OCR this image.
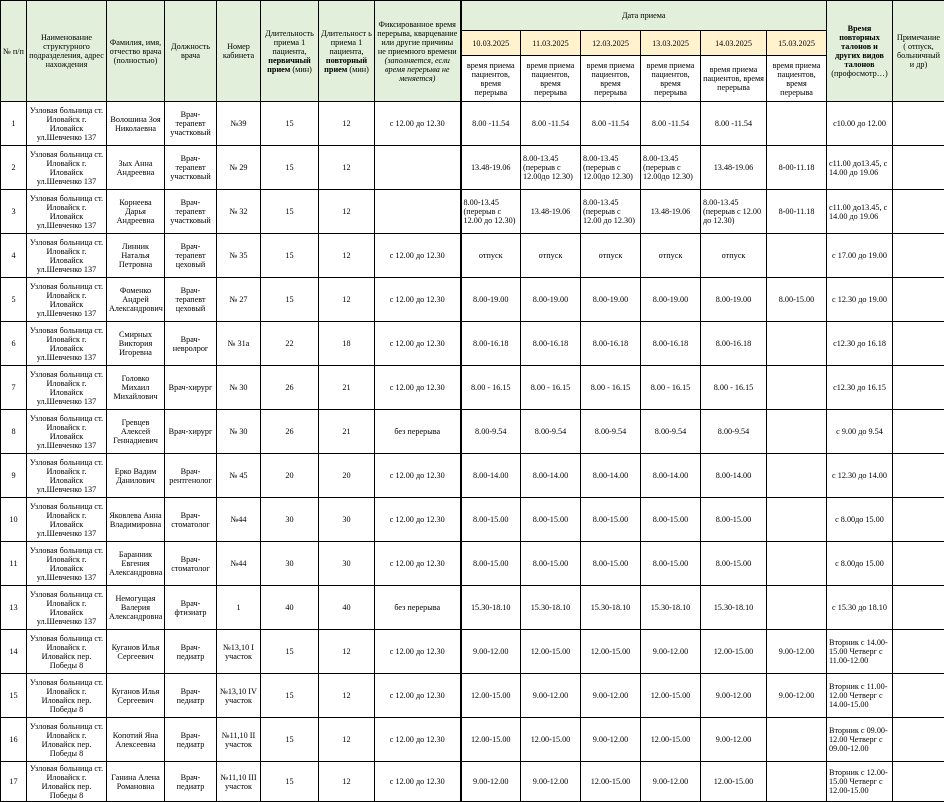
№ п/п	Наименование структурного подразделения, адрес нахождения	Фамилия, имя, отчество врача (полностью)	Должность врача	Номер кабинета	Длительность приема 1 пациента, первичный прием (мин)	Длительност ь приема 1 пациента, повторный прием (мин)	Фиксированное время перерыва, кварцевание или другие причины не приемного времени (заполняется, если время перерыва не меняется)	Дата приема						Время повторных талонов и других видов талонов (профосмотр…)	Примечание ( отпуск, больничный и др)
								10.03.2025	11.03.2025	12.03.2025	13.03.2025	14.03.2025	15.03.2025		
								время приема пациентов, время перерыва	время приема пациентов, время перерыва	время приема пациентов, время перерыва	время приема пациентов, время перерыва	время приема пациентов, время перерыва	время приема пациентов, время перерыва		
1	Узловая больница ст. Иловайск г. Иловайск ул.Шевченко 137	Волошина Зоя Николаевна	Врач-терапевт участковый	№39	15	12	с 12.00 до 12.30	8.00 -11.54	8.00 -11.54	8.00 -11.54	8.00 -11.54	8.00 -11.54		с10.00 до 12.00	
2	Узловая больница ст. Иловайск г. Иловайск ул.Шевченко 137	Зых Анна Андреевна	Врач-терапевт участковый	№ 29	15	12		13.48-19.06	8.00-13.45 (перерыв с 12.00до 12.30)	8.00-13.45 (перерыв с 12.00до 12.30)	8.00-13.45 (перерыв с 12.00до 12.30)	13.48-19.06	8-00-11.18	с11.00 до13.45, с 14.00 до 19.06	
3	Узловая больница ст. Иловайск г. Иловайск ул.Шевченко 137	Корнеева Дарья Андреевна	Врач-терапевт участковый	№ 32	15	12		8.00-13.45 (перерыв с 12.00 до 12.30)	13.48-19.06	8.00-13.45 (перерыв с 12.00 до 12.30)	13.48-19.06	8.00-13.45 (перерыв с 12.00 до 12.30)	8-00-11.18	с11.00 до13.45, с 14.00 до 19.06	
4	Узловая больница ст. Иловайск г. Иловайск ул.Шевченко 137	Линник Наталья Петровна	Врач-терапевт цеховый	№ 35	15	12	с 12.00 до 12.30	отпуск	отпуск	отпуск	отпуск	отпуск		с 17.00 до 19.00	
5	Узловая больница ст. Иловайск г. Иловайск ул.Шевченко 137	Фоменко Андрей Александрович	Врач-терапевт цеховый	№ 27	15	12	с 12.00 до 12.30	8.00-19.00	8.00-19.00	8.00-19.00	8.00-19.00	8.00-19.00	8.00-15.00	с 12.30 до 19.00	
6	Узловая больница ст. Иловайск г. Иловайск ул.Шевченко 137	Смирных Виктория Игоревна	Врач-невролрог	№ 31а	22	18	с 12.00 до 12.30	8.00-16.18	8.00-16.18	8.00-16.18	8.00-16.18	8.00-16.18		с12.30 до 16.18	
7	Узловая больница ст. Иловайск г. Иловайск ул.Шевченко 137	Головко Михаил Михайлович	Врач-хирург	№ 30	26	21	с 12.00 до 12.30	8.00 - 16.15	8.00 - 16.15	8.00 - 16.15	8.00 - 16.15	8.00 - 16.15		с12.30 до 16.15	
8	Узловая больница ст. Иловайск г. Иловайск ул.Шевченко 137	Гревцев Алексей Геннадиевич	Врач-хирург	№ 30	26	21	без перерыва	8.00-9.54	8.00-9.54	8.00-9.54	8.00-9.54	8.00-9.54		с 9.00 до 9.54	
9	Узловая больница ст. Иловайск г. Иловайск ул.Шевченко 137	Ерко Вадим Данилович	Врач-рентгенолог	№ 45	20	20	с 12.00 до 12.30	8.00-14.00	8.00-14.00	8.00-14.00	8.00-14.00	8.00-14.00		с 12.30 до 14.00	
10	Узловая больница ст. Иловайск г. Иловайск ул.Шевченко 137	Яковлева Анна Владимировна	Врач-стоматолог	№44	30	30	с 12.00 до 12.30	8.00-15.00	8.00-15.00	8.00-15.00	8.00-15.00	8.00-15.00		с 8.00до 15.00	
11	Узловая больница ст. Иловайск г. Иловайск ул.Шевченко 137	Баранник Евгения Александровна	Врач-стоматолог	№44	30	30	с 12.00 до 12.30	8.00-15.00	8.00-15.00	8.00-15.00	8.00-15.00	8.00-15.00		с 8.00до 15.00	
13	Узловая больница ст. Иловайск г. Иловайск ул.Шевченко 137	Немогущая Валерия Александровна	Врач-фтизиатр	1	40	40	без перерыва	15.30-18.10	15.30-18.10	15.30-18.10	15.30-18.10	15.30-18.10		с 15.30 до 18.10	
14	Узловая больница ст. Иловайск г. Иловайск пер. Победы 8	Куганов Илья Сергеевич	Врач-педиатр	№13,10 I участок	15	12	с 12.00 до 12.30	9.00-12.00	12.00-15.00	12.00-15.00	9.00-12.00	12.00-15.00	9.00-12.00	Вторник с 14.00-15.00 Четверг с 11.00-12.00	
15	Узловая больница ст. Иловайск г. Иловайск пер. Победы 8	Куганов Илья Сергеевич	Врач-педиатр	№13,10 IV участок	15	12	с 12.00 до 12.30	12.00-15.00	9.00-12.00	9.00-12.00	12.00-15.00	9.00-12.00	9.00-12.00	Вторник с 11.00-12.00 Четверг с 14.00-15.00	
16	Узловая больница ст. Иловайск г. Иловайск пер. Победы 8	Копотий Яна Алексеевна	Врач-педиатр	№11,10 II участок	15	12	с 12.00 до 12.30	12.00-15.00	12.00-15.00	9.00-12.00	12.00-15.00	9.00-12.00		Вторник с 09.00-12.00 Четверг с 09.00-12.00	
17	Узловая больница ст. Иловайск г. Иловайск пер. Победы 8	Ганина Алена Романовна	Врач-педиатр	№11,10 III участок	15	12	с 12.00 до 12.30	9.00-12.00	9.00-12.00	12.00-15.00	9.00-12.00	12.00-15.00		Вторник с 12.00-15.00 Четверг с 12.00-15.00	
